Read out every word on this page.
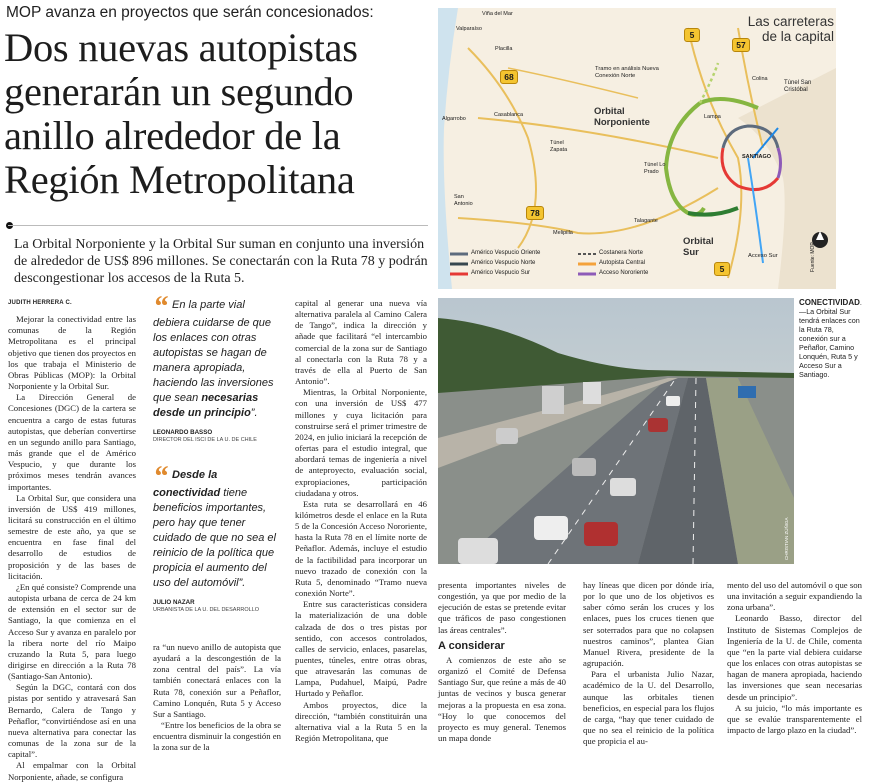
MOP avanza en proyectos que serán concesionados:
Dos nuevas autopistas generarán un segundo anillo alrededor de la Región Metropolitana
La Orbital Norponiente y la Orbital Sur suman en conjunto una inversión de alrededor de US$ 896 millones. Se conectarán con la Ruta 78 y podrán descongestionar los accesos de la Ruta 5.
JUDITH HERRERA C.

Mejorar la conectividad entre las comunas de la Región Metropolitana es el principal objetivo que tienen dos proyectos en los que trabaja el Ministerio de Obras Públicas (MOP): la Orbital Norponiente y la Orbital Sur.

La Dirección General de Concesiones (DGC) de la cartera se encuentra a cargo de estas futuras autopistas, que deberían convertirse en un segundo anillo para Santiago, más grande que el de Américo Vespucio, y que durante los próximos meses tendrán avances importantes.

La Orbital Sur, que considera una inversión de US$ 419 millones, licitará su construcción en el último semestre de este año, ya que se encuentra en fase final del desarrollo de estudios de proposición y de las bases de licitación.

¿En qué consiste? Comprende una autopista urbana de cerca de 24 km de extensión en el sector sur de Santiago, la que comienza en el Acceso Sur y avanza en paralelo por la ribera norte del río Maipo cruzando la Ruta 5, para luego dirigirse en dirección a la Ruta 78 (Santiago-San Antonio).

Según la DGC, contará con dos pistas por sentido y atravesará San Bernardo, Calera de Tango y Peñaflor, “convirtiéndose así en una nueva alternativa para conectar las comunas de la zona sur de la capital”.

Al empalmar con la Orbital Norponiente, añade, se configura

“ En la parte vial debiera cuidarse de que los enlaces con otras autopistas se hagan de manera apropiada, haciendo las inversiones que sean necesarias desde un principio”.
LEONARDO BASSO
DIRECTOR DEL ISCI DE LA U. DE CHILE
“ Desde la conectividad tiene beneficios importantes, pero hay que tener cuidado de que no sea el reinicio de la política que propicia el aumento del uso del automóvil”.
JULIO NAZAR
URBANISTA DE LA U. DEL DESARROLLO

ra “un nuevo anillo de autopista que ayudará a la descongestión de la zona central del país”. La vía también conectará enlaces con la Ruta 78, conexión sur a Peñaflor, Camino Lonquén, Ruta 5 y Acceso Sur a Santiago.

“Entre los beneficios de la obra se encuentra disminuir la congestión en la zona sur de la

capital al generar una nueva vía alternativa paralela al Camino Calera de Tango”, indica la dirección y añade que facilitará “el intercambio comercial de la zona sur de Santiago al conectarla con la Ruta 78 y a través de ella al Puerto de San Antonio”.

Mientras, la Orbital Norponiente, con una inversión de US$ 477 millones y cuya licitación para construirse será el primer trimestre de 2024, en julio iniciará la recepción de ofertas para el estudio integral, que abordará temas de ingeniería a nivel de anteproyecto, evaluación social, expropiaciones, participación ciudadana y otros.

Esta ruta se desarrollará en 46 kilómetros desde el enlace en la Ruta 5 de la Concesión Acceso Nororiente, hasta la Ruta 78 en el límite norte de Peñaflor. Además, incluye el estudio de la factibilidad para incorporar un nuevo trazado de conexión con la Ruta 5, denominado “Tramo nueva conexión Norte”.

Entre sus características considera la materialización de una doble calzada de dos o tres pistas por sentido, con accesos controlados, calles de servicio, enlaces, pasarelas, puentes, túneles, entre otras obras, que atravesarán las comunas de Lampa, Pudahuel, Maipú, Padre Hurtado y Peñaflor.

Ambos proyectos, dice la dirección, “también constituirán una alternativa vial a la Ruta 5 en la Región Metropolitana, que

Las carreteras de la capital
Viña del Mar
Valparaíso
Placilla
Casablanca
Algarrobo
Túnel Zapata
San Antonio
Melipilla
Talagante
Túnel Lo Prado
Lampa
Colina
Túnel San Cristóbal
SANTIAGO
5
57
68
78
5
Orbital Norponiente
Orbital Sur
Tramo en análisis Nueva Conexión Norte
Acceso Sur
Américo Vespucio Oriente
Américo Vespucio Norte
Américo Vespucio Sur
Costanera Norte
Autopista Central
Acceso Nororiente
Fuente: MOP
CHRISTIAN ZÚÑIGA
CONECTIVIDAD.—La Orbital Sur tendrá enlaces con la Ruta 78, conexión sur a Peñaflor, Camino Lonquén, Ruta 5 y Acceso Sur a Santiago.

presenta importantes niveles de congestión, ya que por medio de la ejecución de estas se pretende evitar que tráficos de paso congestionen las áreas centrales”.

A considerar

A comienzos de este año se organizó el Comité de Defensa Santiago Sur, que reúne a más de 40 juntas de vecinos y busca generar mejoras a la propuesta en esa zona. “Hoy lo que conocemos del proyecto es muy general. Tenemos un mapa donde

hay líneas que dicen por dónde iría, por lo que uno de los objetivos es saber cómo serán los cruces y los enlaces, pues los cruces tienen que ser soterrados para que no colapsen nuestros caminos”, plantea Gian Manuel Rivera, presidente de la agrupación.

Para el urbanista Julio Nazar, académico de la U. del Desarrollo, aunque las orbitales tienen beneficios, en especial para los flujos de carga, “hay que tener cuidado de que no sea el reinicio de la política que propicia el au-

mento del uso del automóvil o que son una invitación a seguir expandiendo la zona urbana”.

Leonardo Basso, director del Instituto de Sistemas Complejos de Ingeniería de la U. de Chile, comenta que “en la parte vial debiera cuidarse que los enlaces con otras autopistas se hagan de manera apropiada, haciendo las inversiones que sean necesarias desde un principio”.

A su juicio, “lo más importante es que se evalúe transparentemente el impacto de largo plazo en la ciudad”.
